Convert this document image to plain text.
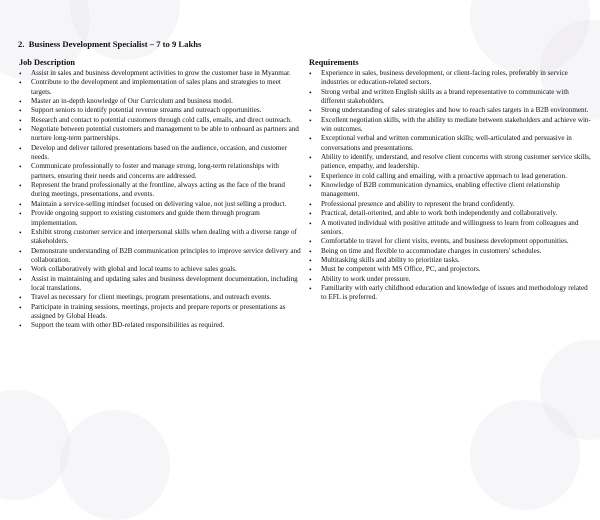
2. Business Development Specialist – 7 to 9 Lakhs
Job Description
• Assist in sales and business development activities to grow the customer base in Myanmar.
• Contribute to the development and implementation of sales plans and strategies to meet targets.
• Master an in-depth knowledge of Our Curriculum and business model.
• Support seniors to identify potential revenue streams and outreach opportunities.
• Research and contact to potential customers through cold calls, emails, and direct outreach.
• Negotiate between potential customers and management to be able to onboard as partners and nurture long-term partnerships.
• Develop and deliver tailored presentations based on the audience, occasion, and customer needs.
• Communicate professionally to foster and manage strong, long-term relationships with partners, ensuring their needs and concerns are addressed.
• Represent the brand professionally at the frontline, always acting as the face of the brand during meetings, presentations, and events.
• Maintain a service-selling mindset focused on delivering value, not just selling a product.
• Provide ongoing support to existing customers and guide them through program implementation.
• Exhibit strong customer service and interpersonal skills when dealing with a diverse range of stakeholders.
• Demonstrate understanding of B2B communication principles to improve service delivery and collaboration.
• Work collaboratively with global and local teams to achieve sales goals.
• Assist in maintaining and updating sales and business development documentation, including local translations.
• Travel as necessary for client meetings, program presentations, and outreach events.
• Participate in training sessions, meetings, projects and prepare reports or presentations as assigned by Global Heads.
• Support the team with other BD-related responsibilities as required.
Requirements
• Experience in sales, business development, or client-facing roles, preferably in service industries or education-related sectors.
• Strong verbal and written English skills as a brand representative to communicate with different stakeholders.
• Strong understanding of sales strategies and how to reach sales targets in a B2B environment.
• Excellent negotiation skills, with the ability to mediate between stakeholders and achieve win-win outcomes.
• Exceptional verbal and written communication skills; well-articulated and persuasive in conversations and presentations.
• Ability to identify, understand, and resolve client concerns with strong customer service skills, patience, empathy, and leadership.
• Experience in cold calling and emailing, with a proactive approach to lead generation.
• Knowledge of B2B communication dynamics, enabling effective client relationship management.
• Professional presence and ability to represent the brand confidently.
• Practical, detail-oriented, and able to work both independently and collaboratively.
• A motivated individual with positive attitude and willingness to learn from colleagues and seniors.
• Comfortable to travel for client visits, events, and business development opportunities.
• Being on time and flexible to accommodate changes in customers' schedules.
• Multitasking skills and ability to prioritize tasks.
• Must be competent with MS Office, PC, and projectors.
• Ability to work under pressure.
• Familiarity with early childhood education and knowledge of issues and methodology related to EFL is preferred.
